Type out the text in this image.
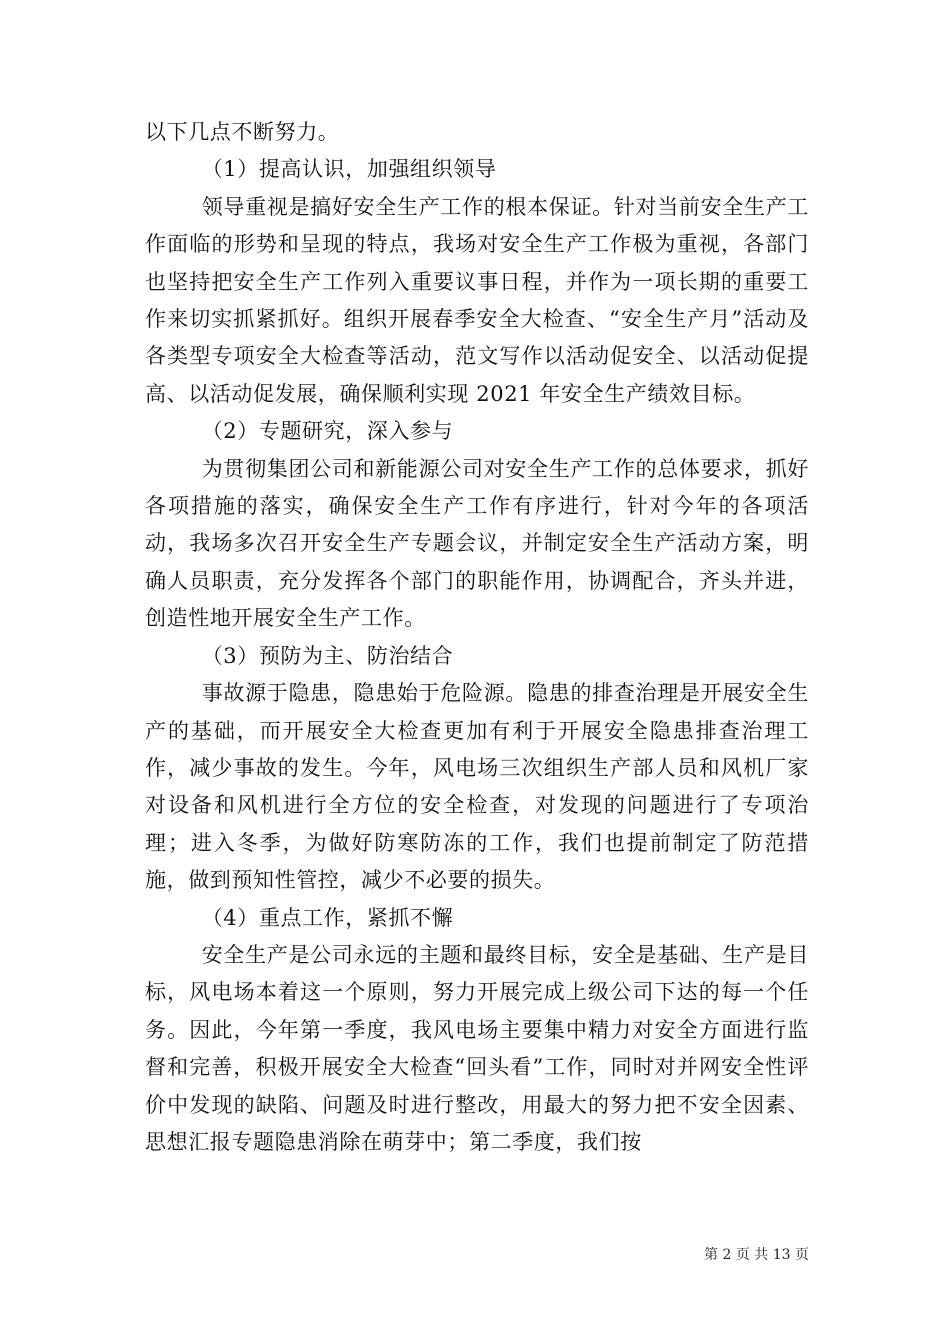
以下几点不断努力。

（1）提高认识，加强组织领导

领导重视是搞好安全生产工作的根本保证。针对当前安全生产工作面临的形势和呈现的特点，我场对安全生产工作极为重视，各部门也坚持把安全生产工作列入重要议事日程，并作为一项长期的重要工作来切实抓紧抓好。组织开展春季安全大检查、“安全生产月”活动及各类型专项安全大检查等活动，范文写作以活动促安全、以活动促提高、以活动促发展，确保顺利实现 2021 年安全生产绩效目标。

（2）专题研究，深入参与

为贯彻集团公司和新能源公司对安全生产工作的总体要求，抓好各项措施的落实，确保安全生产工作有序进行，针对今年的各项活动，我场多次召开安全生产专题会议，并制定安全生产活动方案，明确人员职责，充分发挥各个部门的职能作用，协调配合，齐头并进，创造性地开展安全生产工作。

（3）预防为主、防治结合

事故源于隐患，隐患始于危险源。隐患的排查治理是开展安全生产的基础，而开展安全大检查更加有利于开展安全隐患排查治理工作，减少事故的发生。今年，风电场三次组织生产部人员和风机厂家对设备和风机进行全方位的安全检查，对发现的问题进行了专项治理；进入冬季，为做好防寒防冻的工作，我们也提前制定了防范措施，做到预知性管控，减少不必要的损失。

（4）重点工作，紧抓不懈

安全生产是公司永远的主题和最终目标，安全是基础、生产是目标，风电场本着这一个原则，努力开展完成上级公司下达的每一个任务。因此，今年第一季度，我风电场主要集中精力对安全方面进行监督和完善，积极开展安全大检查“回头看”工作，同时对并网安全性评价中发现的缺陷、问题及时进行整改，用最大的努力把不安全因素、思想汇报专题隐患消除在萌芽中；第二季度，我们按

第 2 页 共 13 页
